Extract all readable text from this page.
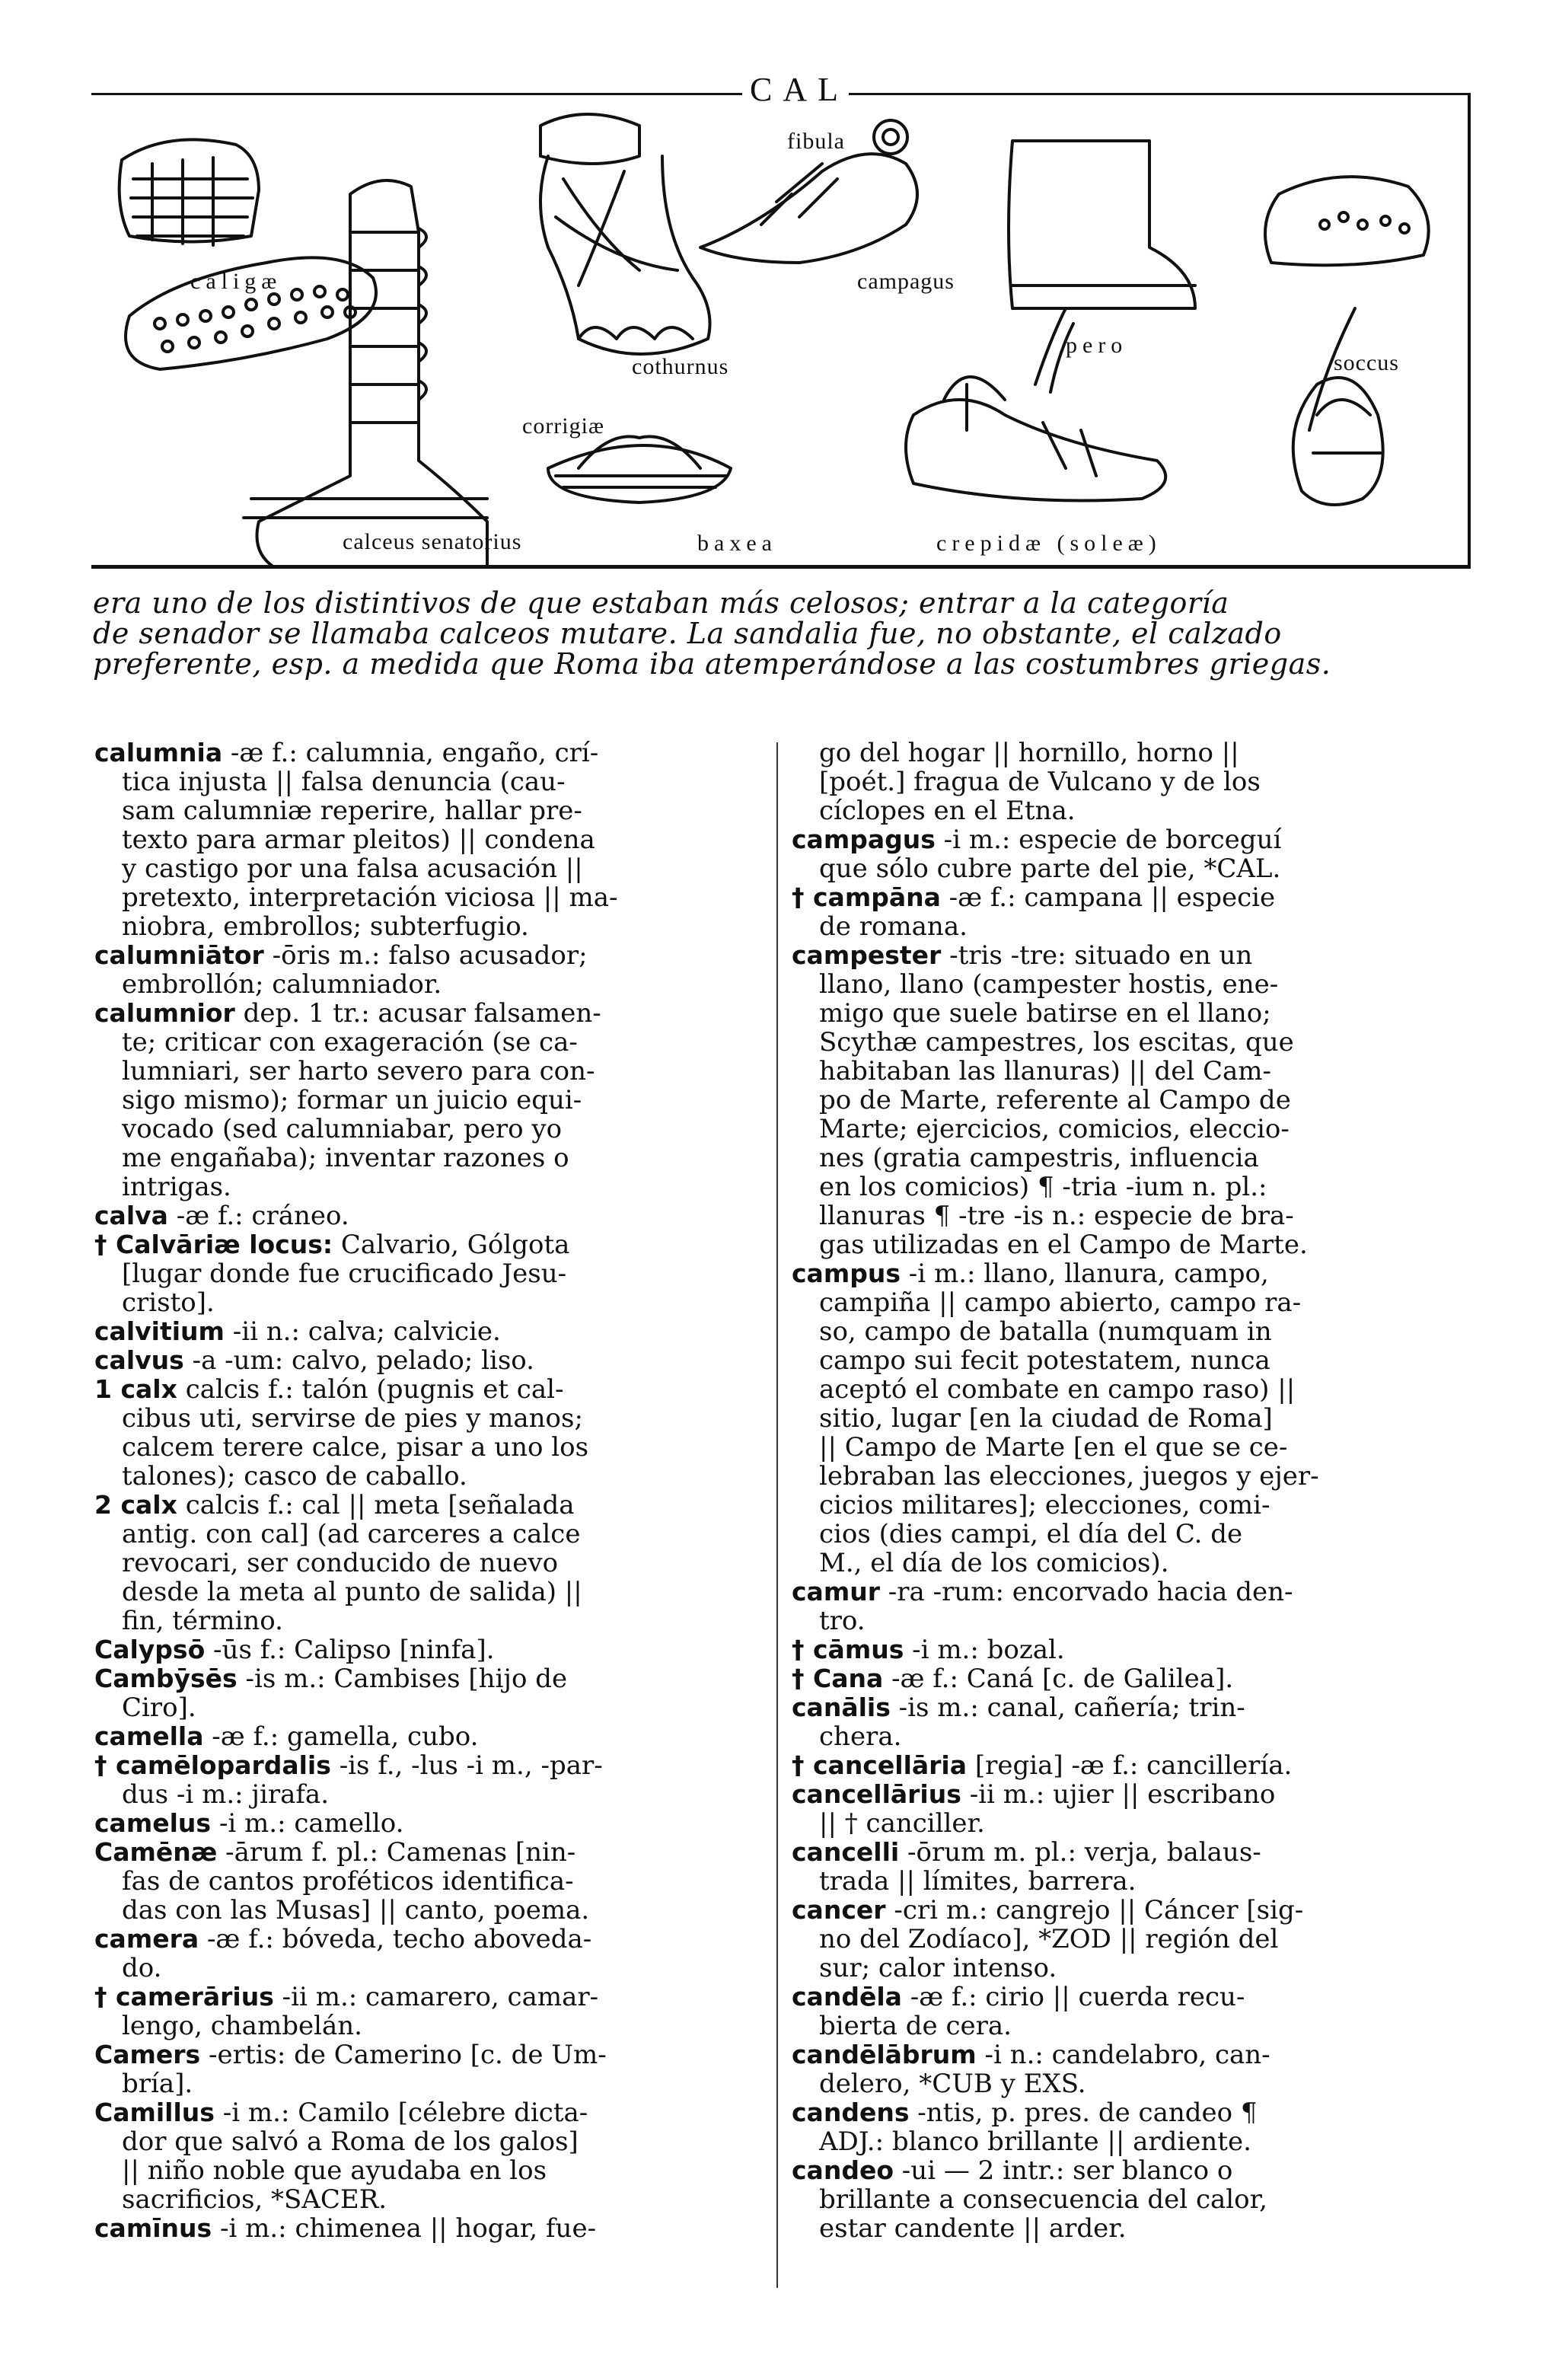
CAL
caligæ
cothurnus
fibula
campagus
pero
soccus
corrigiæ
calceus senatorius	baxea	crepidæ (soleæ)

era uno de los distintivos de que estaban más celosos; entrar a la categoría

de senador se llamaba calceos mutare. La sandalia fue, no obstante, el calzado

preferente, esp. a medida que Roma iba atemperándose a las costumbres griegas.

calumnia -æ f.: calumnia, engaño, crí-
tica injusta || falsa denuncia (cau-
sam calumniæ reperire, hallar pre-
texto para armar pleitos) || condena
y castigo por una falsa acusación ||
pretexto, interpretación viciosa || ma-
niobra, embrollos; subterfugio.
calumniātor -ōris m.: falso acusador;
embrollón; calumniador.
calumnior dep. 1 tr.: acusar falsamen-
te; criticar con exageración (se ca-
lumniari, ser harto severo para con-
sigo mismo); formar un juicio equi-
vocado (sed calumniabar, pero yo
me engañaba); inventar razones o
intrigas.
calva -æ f.: cráneo.
† Calvāriæ locus: Calvario, Gólgota
[lugar donde fue crucificado Jesu-
cristo].
calvitium -ii n.: calva; calvicie.
calvus -a -um: calvo, pelado; liso.
1 calx calcis f.: talón (pugnis et cal-
cibus uti, servirse de pies y manos;
calcem terere calce, pisar a uno los
talones); casco de caballo.
2 calx calcis f.: cal || meta [señalada
antig. con cal] (ad carceres a calce
revocari, ser conducido de nuevo
desde la meta al punto de salida) ||
fin, término.
Calypsō -ūs f.: Calipso [ninfa].
Cambȳsēs -is m.: Cambises [hijo de
Ciro].
camella -æ f.: gamella, cubo.
† camēlopardalis -is f., -lus -i m., -par-
dus -i m.: jirafa.
camelus -i m.: camello.
Camēnæ -ārum f. pl.: Camenas [nin-
fas de cantos proféticos identifica-
das con las Musas] || canto, poema.
camera -æ f.: bóveda, techo aboveda-
do.
† camerārius -ii m.: camarero, camar-
lengo, chambelán.
Camers -ertis: de Camerino [c. de Um-
bría].
Camillus -i m.: Camilo [célebre dicta-
dor que salvó a Roma de los galos]
|| niño noble que ayudaba en los
sacrificios, *SACER.
camīnus -i m.: chimenea || hogar, fue-
go del hogar || hornillo, horno ||
[poét.] fragua de Vulcano y de los
cíclopes en el Etna.
campagus -i m.: especie de borceguí
que sólo cubre parte del pie, *CAL.
† campāna -æ f.: campana || especie
de romana.
campester -tris -tre: situado en un
llano, llano (campester hostis, ene-
migo que suele batirse en el llano;
Scythæ campestres, los escitas, que
habitaban las llanuras) || del Cam-
po de Marte, referente al Campo de
Marte; ejercicios, comicios, eleccio-
nes (gratia campestris, influencia
en los comicios) ¶ -tria -ium n. pl.:
llanuras ¶ -tre -is n.: especie de bra-
gas utilizadas en el Campo de Marte.
campus -i m.: llano, llanura, campo,
campiña || campo abierto, campo ra-
so, campo de batalla (numquam in
campo sui fecit potestatem, nunca
aceptó el combate en campo raso) ||
sitio, lugar [en la ciudad de Roma]
|| Campo de Marte [en el que se ce-
lebraban las elecciones, juegos y ejer-
cicios militares]; elecciones, comi-
cios (dies campi, el día del C. de
M., el día de los comicios).
camur -ra -rum: encorvado hacia den-
tro.
† cāmus -i m.: bozal.
† Cana -æ f.: Caná [c. de Galilea].
canālis -is m.: canal, cañería; trin-
chera.
† cancellāria [regia] -æ f.: cancillería.
cancellārius -ii m.: ujier || escribano
|| † canciller.
cancelli -ōrum m. pl.: verja, balaus-
trada || límites, barrera.
cancer -cri m.: cangrejo || Cáncer [sig-
no del Zodíaco], *ZOD || región del
sur; calor intenso.
candēla -æ f.: cirio || cuerda recu-
bierta de cera.
candēlābrum -i n.: candelabro, can-
delero, *CUB y EXS.
candens -ntis, p. pres. de candeo ¶
ADJ.: blanco brillante || ardiente.
candeo -ui — 2 intr.: ser blanco o
brillante a consecuencia del calor,
estar candente || arder.
